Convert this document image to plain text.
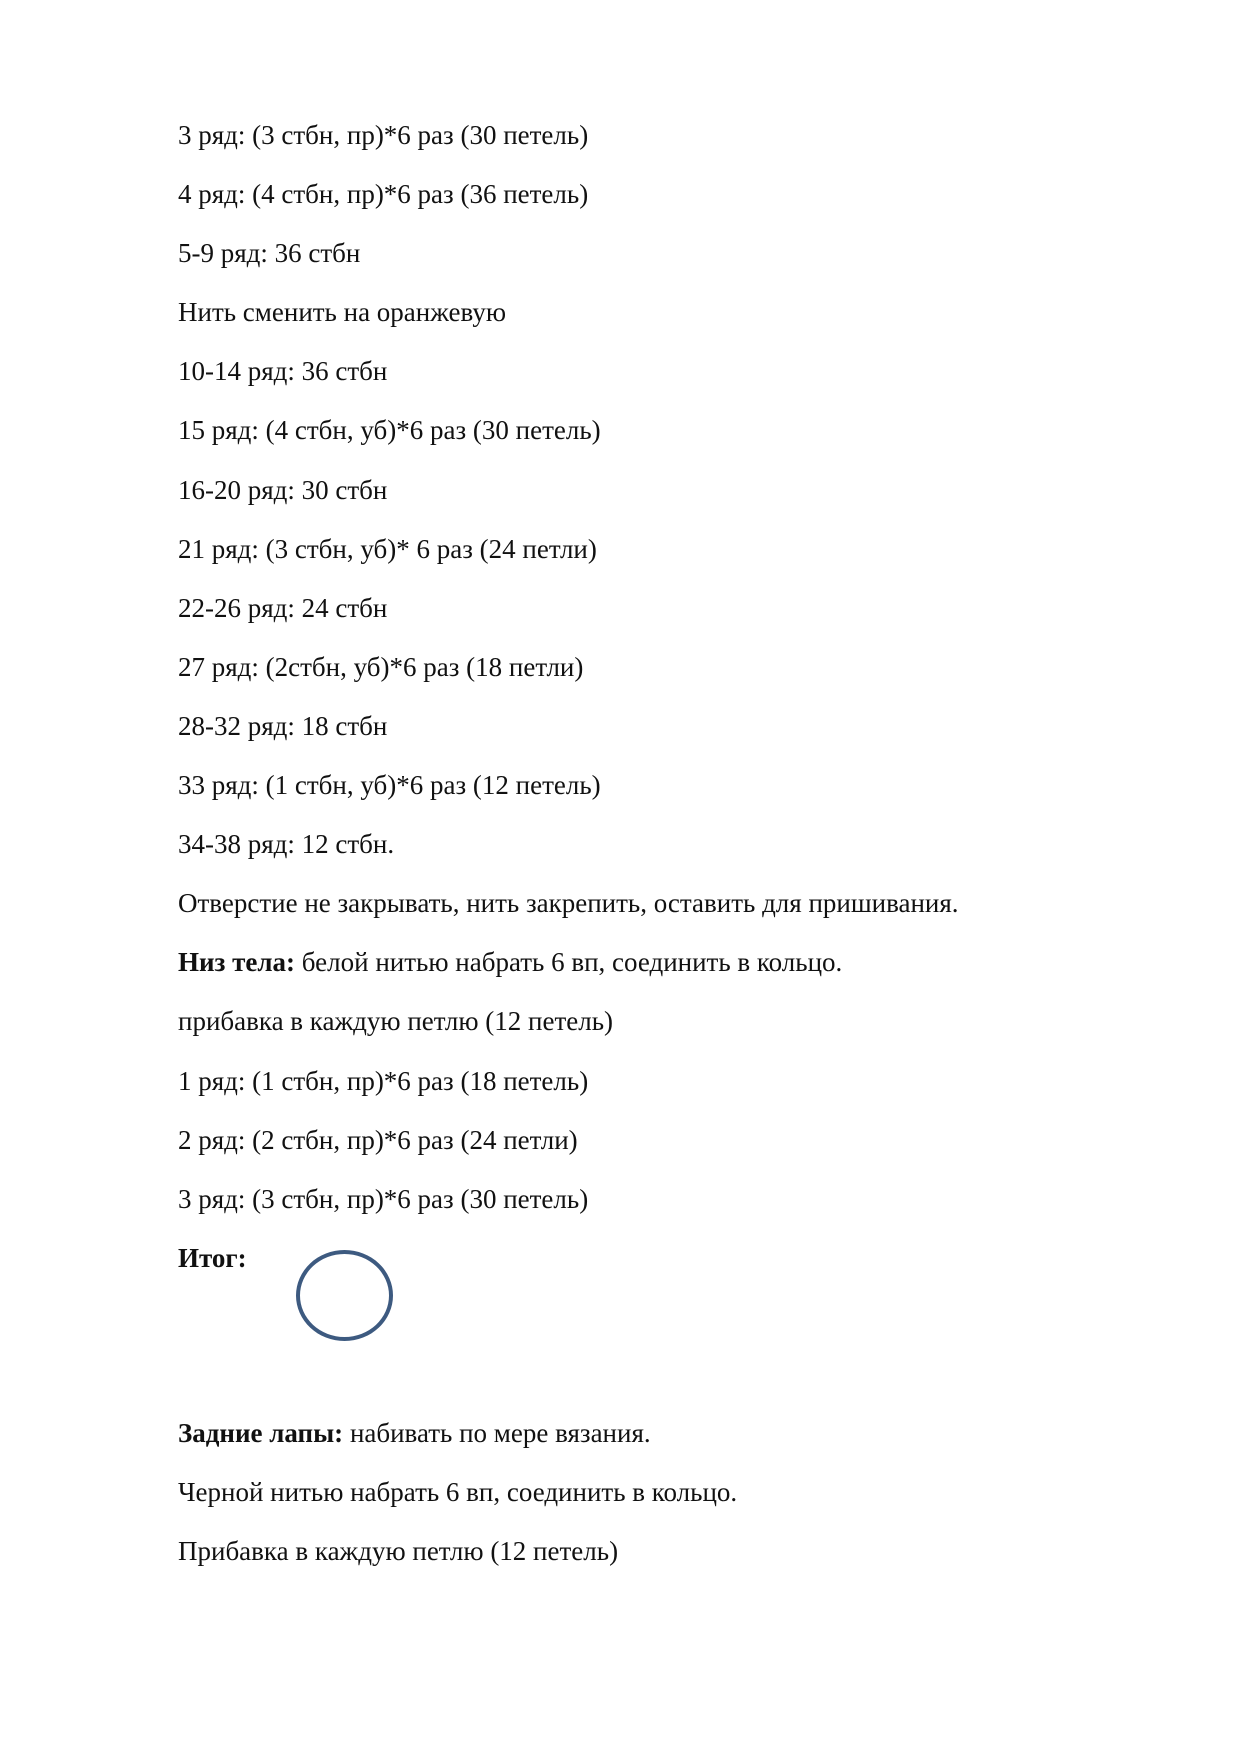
3 ряд: (3 стбн, пр)*6 раз (30 петель)
4 ряд: (4 стбн, пр)*6 раз (36 петель)
5-9 ряд: 36 стбн
Нить сменить на оранжевую
10-14 ряд: 36 стбн
15 ряд: (4 стбн, уб)*6 раз (30 петель)
16-20 ряд: 30 стбн
21 ряд: (3 стбн, уб)* 6 раз (24 петли)
22-26 ряд: 24 стбн
27 ряд: (2стбн, уб)*6 раз (18 петли)
28-32 ряд: 18 стбн
33 ряд: (1 стбн, уб)*6 раз (12 петель)
34-38 ряд: 12 стбн.
Отверстие не закрывать, нить закрепить, оставить для пришивания.
Низ тела: белой нитью набрать 6 вп, соединить в кольцо.
прибавка в каждую петлю (12 петель)
1 ряд: (1 стбн, пр)*6 раз (18 петель)
2 ряд: (2 стбн, пр)*6 раз (24 петли)
3 ряд: (3 стбн, пр)*6 раз (30 петель)
Итог:
Задние лапы: набивать по мере вязания.
Черной нитью набрать 6 вп, соединить в кольцо.
Прибавка в каждую петлю (12 петель)
